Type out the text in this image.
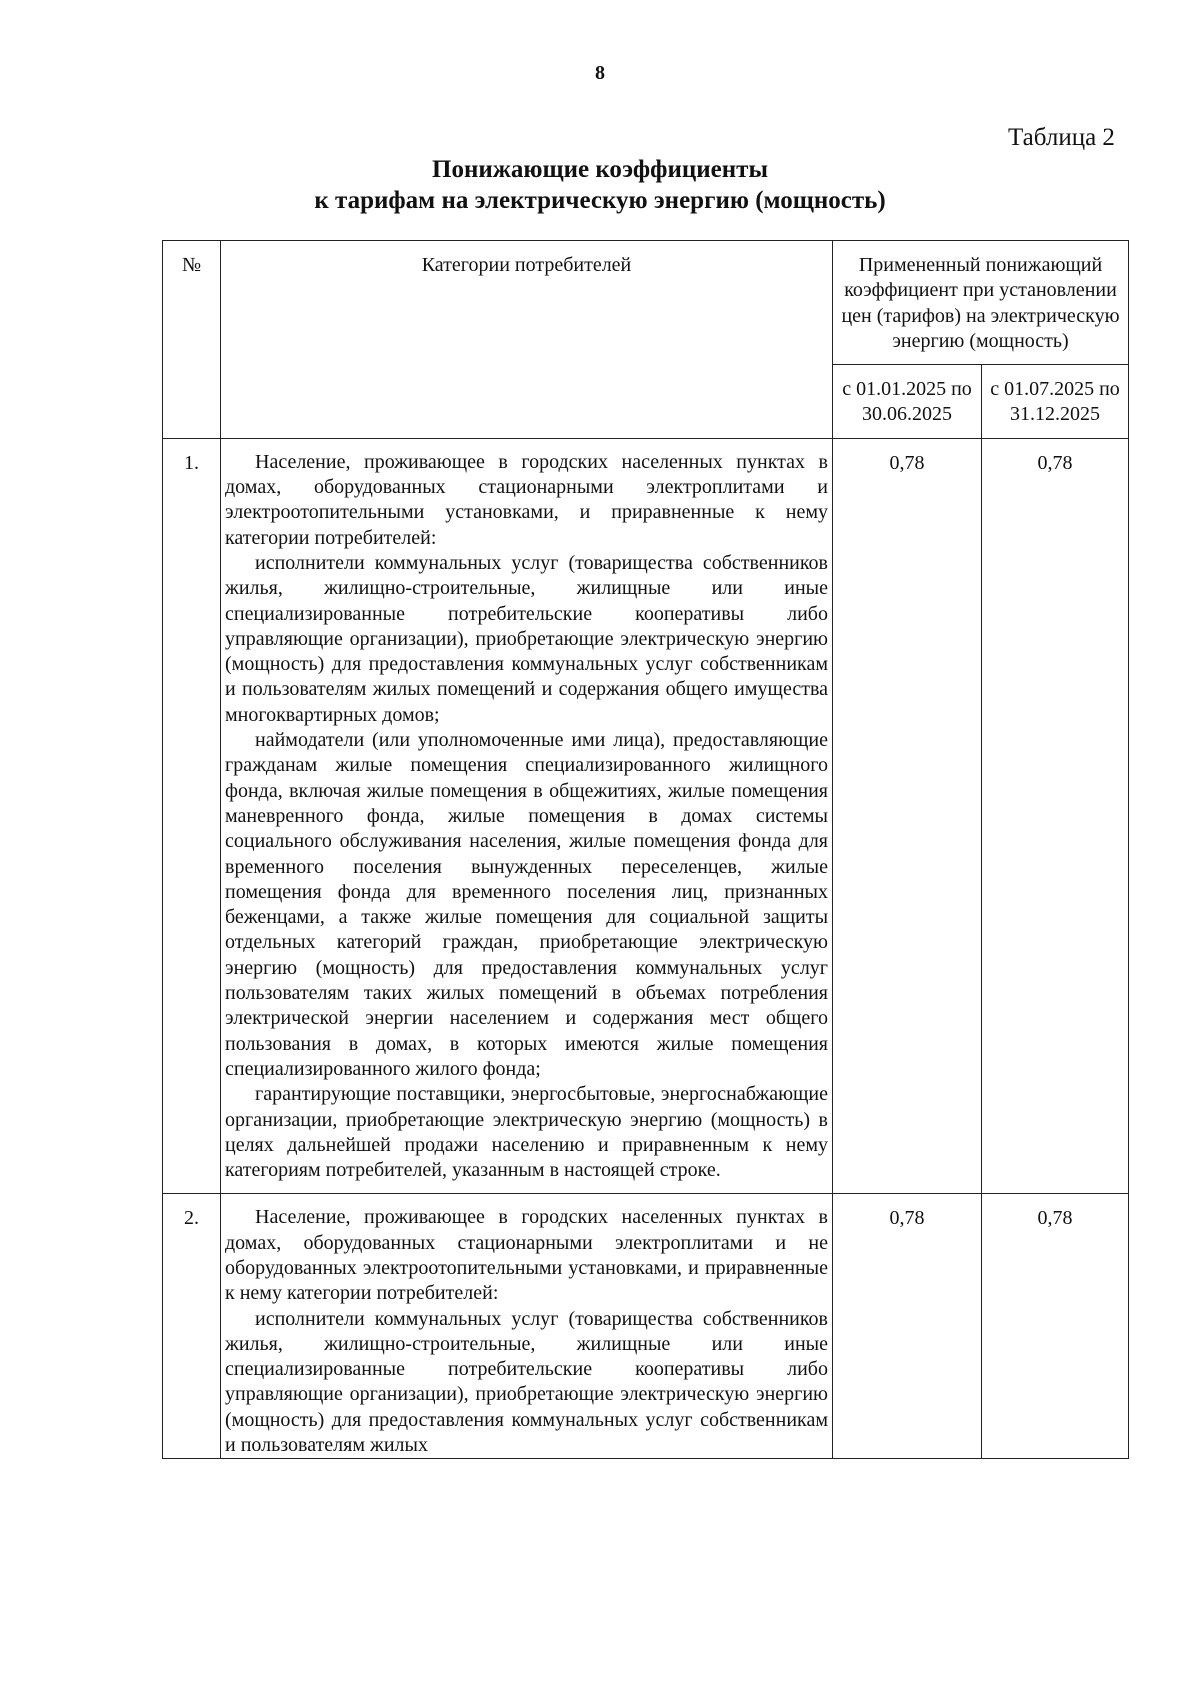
8
Таблица 2
Понижающие коэффициенты
к тарифам на электрическую энергию (мощность)
№	Категории потребителей	Примененный понижающий коэффициент при установлении цен (тарифов) на электрическую энергию (мощность)	
		с 01.01.2025 по 30.06.2025	с 01.07.2025 по 31.12.2025
1.	Население, проживающее в городских населенных пунктах в домах, оборудованных стационарными электроплитами и электроотопительными установками, и приравненные к нему категории потребителей:

исполнители коммунальных услуг (товарищества собственников жилья, жилищно-строительные, жилищные или иные специализированные потребительские кооперативы либо управляющие организации), приобретающие электрическую энергию (мощность) для предоставления коммунальных услуг собственникам и пользователям жилых помещений и содержания общего имущества многоквартирных домов;

наймодатели (или уполномоченные ими лица), предоставляющие гражданам жилые помещения специализированного жилищного фонда, включая жилые помещения в общежитиях, жилые помещения маневренного фонда, жилые помещения в домах системы социального обслуживания населения, жилые помещения фонда для временного поселения вынужденных переселенцев, жилые помещения фонда для временного поселения лиц, признанных беженцами, а также жилые помещения для социальной защиты отдельных категорий граждан, приобретающие электрическую энергию (мощность) для предоставления коммунальных услуг пользователям таких жилых помещений в объемах потребления электрической энергии населением и содержания мест общего пользования в домах, в которых имеются жилые помещения специализированного жилого фонда;

гарантирующие поставщики, энергосбытовые, энергоснабжающие организации, приобретающие электрическую энергию (мощность) в целях дальнейшей продажи населению и приравненным к нему категориям потребителей, указанным в настоящей строке.	0,78	0,78
2.	Население, проживающее в городских населенных пунктах в домах, оборудованных стационарными электроплитами и не оборудованных электроотопительными установками, и приравненные к нему категории потребителей:

исполнители коммунальных услуг (товарищества собственников жилья, жилищно-строительные, жилищные или иные специализированные потребительские кооперативы либо управляющие организации), приобретающие электрическую энергию (мощность) для предоставления коммунальных услуг собственникам и пользователям жилых	0,78	0,78
